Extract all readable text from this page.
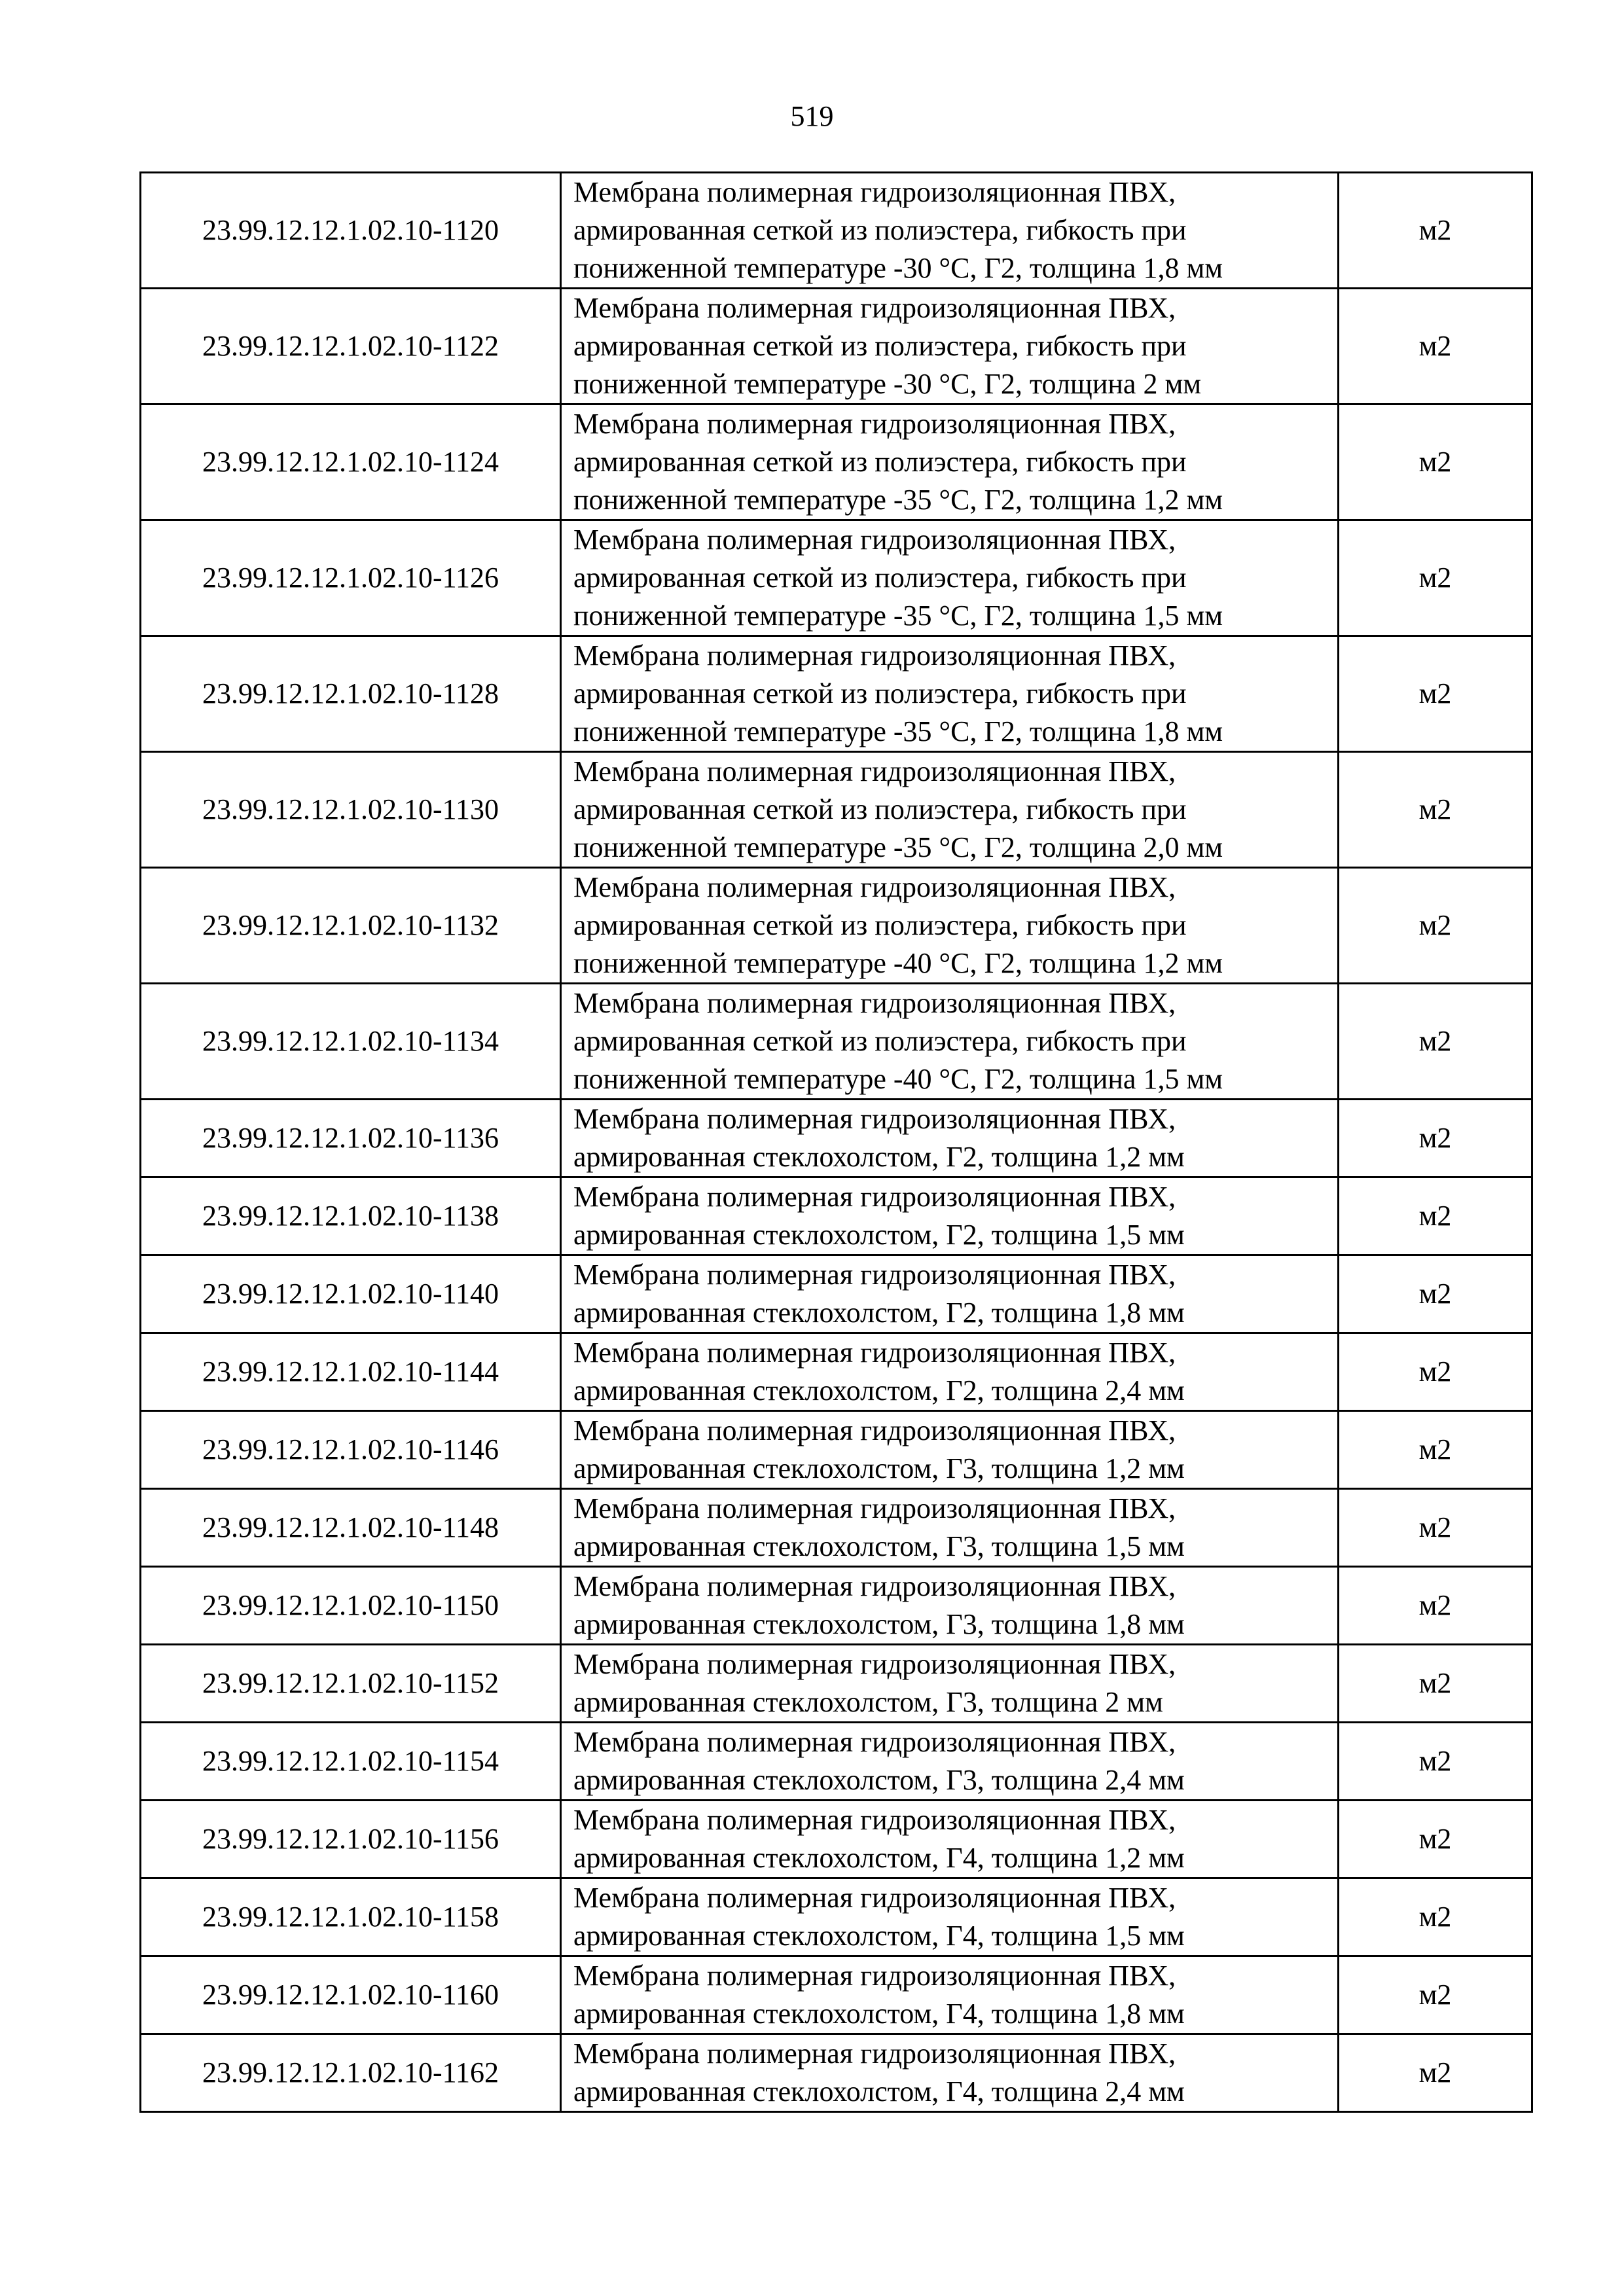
519
23.99.12.12.1.02.10-1120	Мембрана полимерная гидроизоляционная ПВХ,
армированная сеткой из полиэстера, гибкость при
пониженной температуре -30 °С, Г2, толщина 1,8 мм	м2
23.99.12.12.1.02.10-1122	Мембрана полимерная гидроизоляционная ПВХ,
армированная сеткой из полиэстера, гибкость при
пониженной температуре -30 °С, Г2, толщина 2 мм	м2
23.99.12.12.1.02.10-1124	Мембрана полимерная гидроизоляционная ПВХ,
армированная сеткой из полиэстера, гибкость при
пониженной температуре -35 °С, Г2, толщина 1,2 мм	м2
23.99.12.12.1.02.10-1126	Мембрана полимерная гидроизоляционная ПВХ,
армированная сеткой из полиэстера, гибкость при
пониженной температуре -35 °С, Г2, толщина 1,5 мм	м2
23.99.12.12.1.02.10-1128	Мембрана полимерная гидроизоляционная ПВХ,
армированная сеткой из полиэстера, гибкость при
пониженной температуре -35 °С, Г2, толщина 1,8 мм	м2
23.99.12.12.1.02.10-1130	Мембрана полимерная гидроизоляционная ПВХ,
армированная сеткой из полиэстера, гибкость при
пониженной температуре -35 °С, Г2, толщина 2,0 мм	м2
23.99.12.12.1.02.10-1132	Мембрана полимерная гидроизоляционная ПВХ,
армированная сеткой из полиэстера, гибкость при
пониженной температуре -40 °С, Г2, толщина 1,2 мм	м2
23.99.12.12.1.02.10-1134	Мембрана полимерная гидроизоляционная ПВХ,
армированная сеткой из полиэстера, гибкость при
пониженной температуре -40 °С, Г2, толщина 1,5 мм	м2
23.99.12.12.1.02.10-1136	Мембрана полимерная гидроизоляционная ПВХ,
армированная стеклохолстом, Г2, толщина 1,2 мм	м2
23.99.12.12.1.02.10-1138	Мембрана полимерная гидроизоляционная ПВХ,
армированная стеклохолстом, Г2, толщина 1,5 мм	м2
23.99.12.12.1.02.10-1140	Мембрана полимерная гидроизоляционная ПВХ,
армированная стеклохолстом, Г2, толщина 1,8 мм	м2
23.99.12.12.1.02.10-1144	Мембрана полимерная гидроизоляционная ПВХ,
армированная стеклохолстом, Г2, толщина 2,4 мм	м2
23.99.12.12.1.02.10-1146	Мембрана полимерная гидроизоляционная ПВХ,
армированная стеклохолстом, Г3, толщина 1,2 мм	м2
23.99.12.12.1.02.10-1148	Мембрана полимерная гидроизоляционная ПВХ,
армированная стеклохолстом, Г3, толщина 1,5 мм	м2
23.99.12.12.1.02.10-1150	Мембрана полимерная гидроизоляционная ПВХ,
армированная стеклохолстом, Г3, толщина 1,8 мм	м2
23.99.12.12.1.02.10-1152	Мембрана полимерная гидроизоляционная ПВХ,
армированная стеклохолстом, Г3, толщина 2 мм	м2
23.99.12.12.1.02.10-1154	Мембрана полимерная гидроизоляционная ПВХ,
армированная стеклохолстом, Г3, толщина 2,4 мм	м2
23.99.12.12.1.02.10-1156	Мембрана полимерная гидроизоляционная ПВХ,
армированная стеклохолстом, Г4, толщина 1,2 мм	м2
23.99.12.12.1.02.10-1158	Мембрана полимерная гидроизоляционная ПВХ,
армированная стеклохолстом, Г4, толщина 1,5 мм	м2
23.99.12.12.1.02.10-1160	Мембрана полимерная гидроизоляционная ПВХ,
армированная стеклохолстом, Г4, толщина 1,8 мм	м2
23.99.12.12.1.02.10-1162	Мембрана полимерная гидроизоляционная ПВХ,
армированная стеклохолстом, Г4, толщина 2,4 мм	м2
